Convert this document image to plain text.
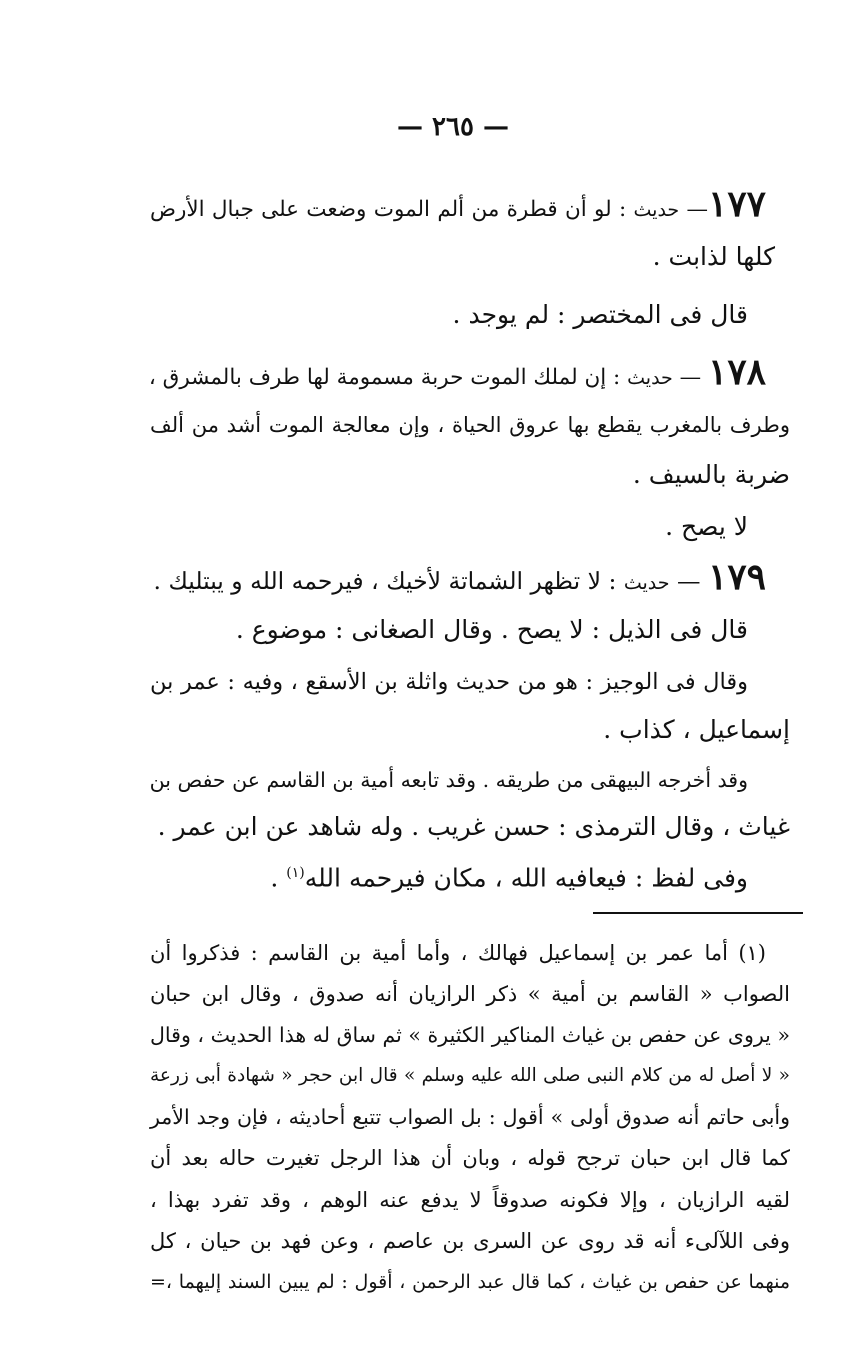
— ٢٦٥ —
١٧٧— حديث : لو أن قطرة من ألم الموت وضعت على جبال الأرض
كلها لذابت .
قال فى المختصر : لم يوجد .
١٧٨ — حديث : إن لملك الموت حربة مسمومة لها طرف بالمشرق ،
وطرف بالمغرب يقطع بها عروق الحياة ، وإن معالجة الموت أشد من ألف
ضربة بالسيف .
لا يصح .
١٧٩ — حديث : لا تظهر الشماتة لأخيك ، فيرحمه الله و يبتليك .
قال فى الذيل : لا يصح . وقال الصغانى : موضوع .
وقال فى الوجيز : هو من حديث واثلة بن الأسقع ، وفيه : عمر بن
إسماعيل ، كذاب .
وقد أخرجه البيهقى من طريقه . وقد تابعه أمية بن القاسم عن حفص بن
غياث ، وقال الترمذى : حسن غريب . وله شاهد عن ابن عمر .
وفى لفظ : فيعافيه الله ، مكان فيرحمه الله$^{(١)}$ .
(١) أما عمر بن إسماعيل فهالك ، وأما أمية بن القاسم : فذكروا أن
الصواب « القاسم بن أمية » ذكر الرازيان أنه صدوق ، وقال ابن حبان
« يروى عن حفص بن غياث المناكير الكثيرة » ثم ساق له هذا الحديث ، وقال
« لا أصل له من كلام النبى صلى الله عليه وسلم » قال ابن حجر « شهادة أبى زرعة
وأبى حاتم أنه صدوق أولى » أقول : بل الصواب تتبع أحاديثه ، فإن وجد الأمر
كما قال ابن حبان ترجح قوله ، وبان أن هذا الرجل تغيرت حاله بعد أن
لقيه الرازيان ، وإلا فكونه صدوقاً لا يدفع عنه الوهم ، وقد تفرد بهذا ،
وفى اللآلىء أنه قد روى عن السرى بن عاصم ، وعن فهد بن حيان ، كل
منهما عن حفص بن غياث ، كما قال عبد الرحمن ، أقول : لم يبين السند إليهما ،=
